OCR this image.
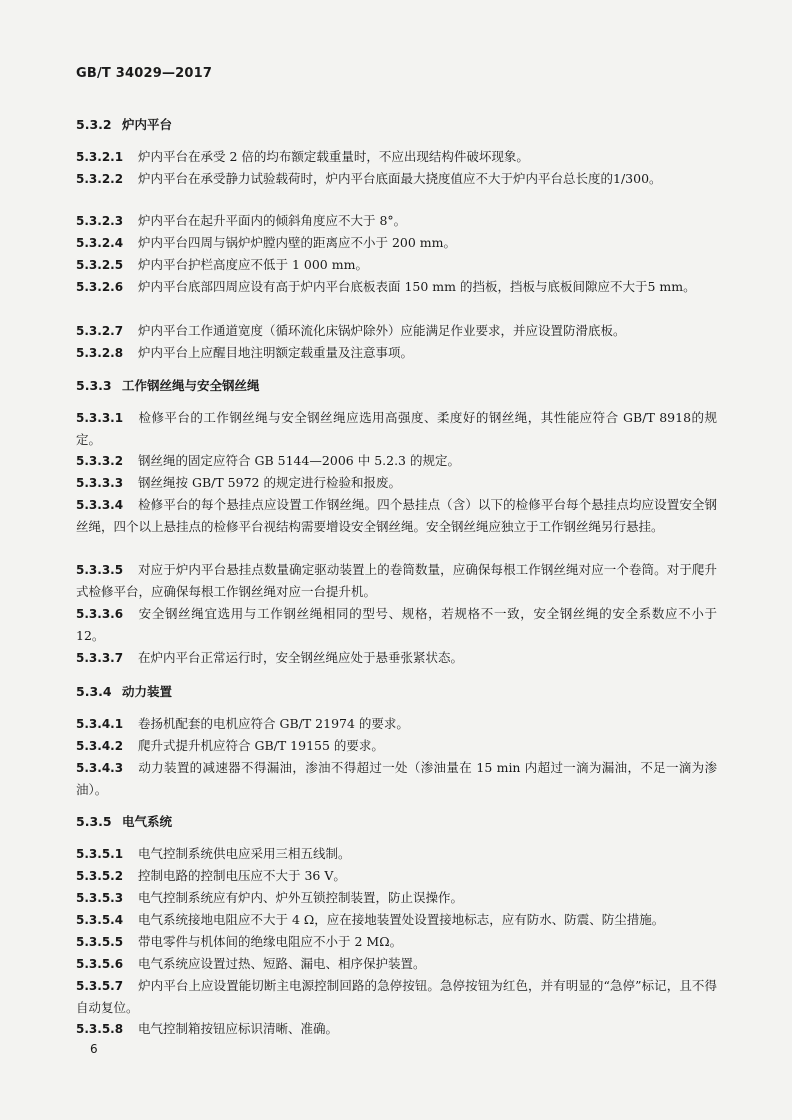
GB/T 34029—2017
5.3.2 炉内平台
5.3.2.1 炉内平台在承受 2 倍的均布额定载重量时，不应出现结构件破坏现象。
5.3.2.2 炉内平台在承受静力试验载荷时，炉内平台底面最大挠度值应不大于炉内平台总长度的1/300。
5.3.2.3 炉内平台在起升平面内的倾斜角度应不大于 8°。
5.3.2.4 炉内平台四周与锅炉炉膛内壁的距离应不小于 200 mm。
5.3.2.5 炉内平台护栏高度应不低于 1 000 mm。
5.3.2.6 炉内平台底部四周应设有高于炉内平台底板表面 150 mm 的挡板，挡板与底板间隙应不大于5 mm。
5.3.2.7 炉内平台工作通道宽度（循环流化床锅炉除外）应能满足作业要求，并应设置防滑底板。
5.3.2.8 炉内平台上应醒目地注明额定载重量及注意事项。
5.3.3 工作钢丝绳与安全钢丝绳
5.3.3.1 检修平台的工作钢丝绳与安全钢丝绳应选用高强度、柔度好的钢丝绳，其性能应符合 GB/T 8918的规定。
5.3.3.2 钢丝绳的固定应符合 GB 5144—2006 中 5.2.3 的规定。
5.3.3.3 钢丝绳按 GB/T 5972 的规定进行检验和报废。
5.3.3.4 检修平台的每个悬挂点应设置工作钢丝绳。四个悬挂点（含）以下的检修平台每个悬挂点均应设置安全钢丝绳，四个以上悬挂点的检修平台视结构需要增设安全钢丝绳。安全钢丝绳应独立于工作钢丝绳另行悬挂。
5.3.3.5 对应于炉内平台悬挂点数量确定驱动装置上的卷筒数量，应确保每根工作钢丝绳对应一个卷筒。对于爬升式检修平台，应确保每根工作钢丝绳对应一台提升机。
5.3.3.6 安全钢丝绳宜选用与工作钢丝绳相同的型号、规格，若规格不一致，安全钢丝绳的安全系数应不小于 12。
5.3.3.7 在炉内平台正常运行时，安全钢丝绳应处于悬垂张紧状态。
5.3.4 动力装置
5.3.4.1 卷扬机配套的电机应符合 GB/T 21974 的要求。
5.3.4.2 爬升式提升机应符合 GB/T 19155 的要求。
5.3.4.3 动力装置的减速器不得漏油，渗油不得超过一处（渗油量在 15 min 内超过一滴为漏油，不足一滴为渗油）。
5.3.5 电气系统
5.3.5.1 电气控制系统供电应采用三相五线制。
5.3.5.2 控制电路的控制电压应不大于 36 V。
5.3.5.3 电气控制系统应有炉内、炉外互锁控制装置，防止误操作。
5.3.5.4 电气系统接地电阻应不大于 4 Ω，应在接地装置处设置接地标志，应有防水、防震、防尘措施。
5.3.5.5 带电零件与机体间的绝缘电阻应不小于 2 MΩ。
5.3.5.6 电气系统应设置过热、短路、漏电、相序保护装置。
5.3.5.7 炉内平台上应设置能切断主电源控制回路的急停按钮。急停按钮为红色，并有明显的“急停”标记，且不得自动复位。
5.3.5.8 电气控制箱按钮应标识清晰、准确。
6
